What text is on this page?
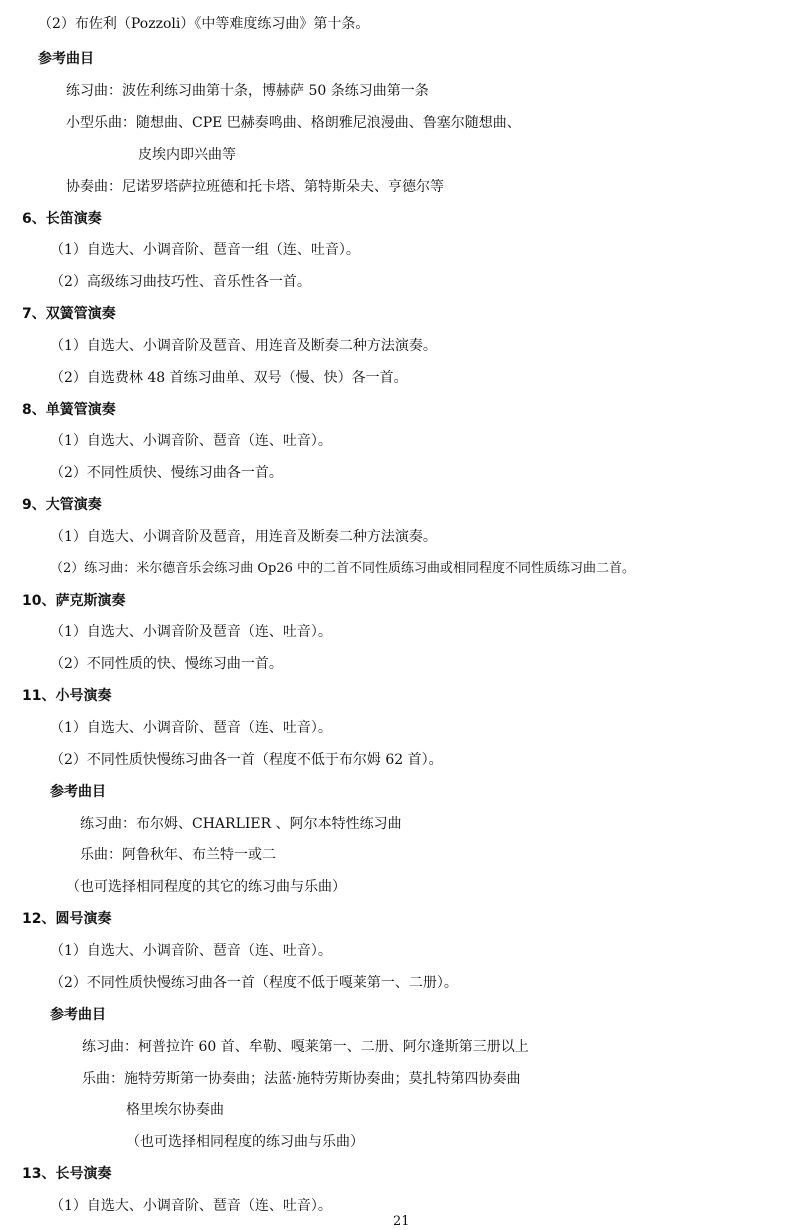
（2）布佐利（Pozzoli）《中等难度练习曲》第十条。
参考曲目
练习曲：波佐利练习曲第十条，博赫萨 50 条练习曲第一条
小型乐曲：随想曲、CPE 巴赫奏鸣曲、格朗雅尼浪漫曲、鲁塞尔随想曲、
皮埃内即兴曲等
协奏曲：尼诺罗塔萨拉班德和托卡塔、第特斯朵夫、亨德尔等
6、长笛演奏
（1）自选大、小调音阶、琶音一组（连、吐音）。
（2）高级练习曲技巧性、音乐性各一首。
7、双簧管演奏
（1）自选大、小调音阶及琶音、用连音及断奏二种方法演奏。
（2）自选费林 48 首练习曲单、双号（慢、快）各一首。
8、单簧管演奏
（1）自选大、小调音阶、琶音（连、吐音）。
（2）不同性质快、慢练习曲各一首。
9、大管演奏
（1）自选大、小调音阶及琶音，用连音及断奏二种方法演奏。
（2）练习曲：米尔德音乐会练习曲 Op26 中的二首不同性质练习曲或相同程度不同性质练习曲二首。
10、萨克斯演奏
（1）自选大、小调音阶及琶音（连、吐音）。
（2）不同性质的快、慢练习曲一首。
11、小号演奏
（1）自选大、小调音阶、琶音（连、吐音）。
（2）不同性质快慢练习曲各一首（程度不低于布尔姆 62 首）。
参考曲目
练习曲：布尔姆、CHARLIER 、阿尔本特性练习曲
乐曲：阿鲁秋年、布兰特一或二
（也可选择相同程度的其它的练习曲与乐曲）
12、圆号演奏
（1）自选大、小调音阶、琶音（连、吐音）。
（2）不同性质快慢练习曲各一首（程度不低于嘎莱第一、二册）。
参考曲目
练习曲：柯普拉许 60 首、牟勒、嘎莱第一、二册、阿尔逢斯第三册以上
乐曲：施特劳斯第一协奏曲；法蓝·施特劳斯协奏曲；莫扎特第四协奏曲
格里埃尔协奏曲
（也可选择相同程度的练习曲与乐曲）
13、长号演奏
（1）自选大、小调音阶、琶音（连、吐音）。
21
